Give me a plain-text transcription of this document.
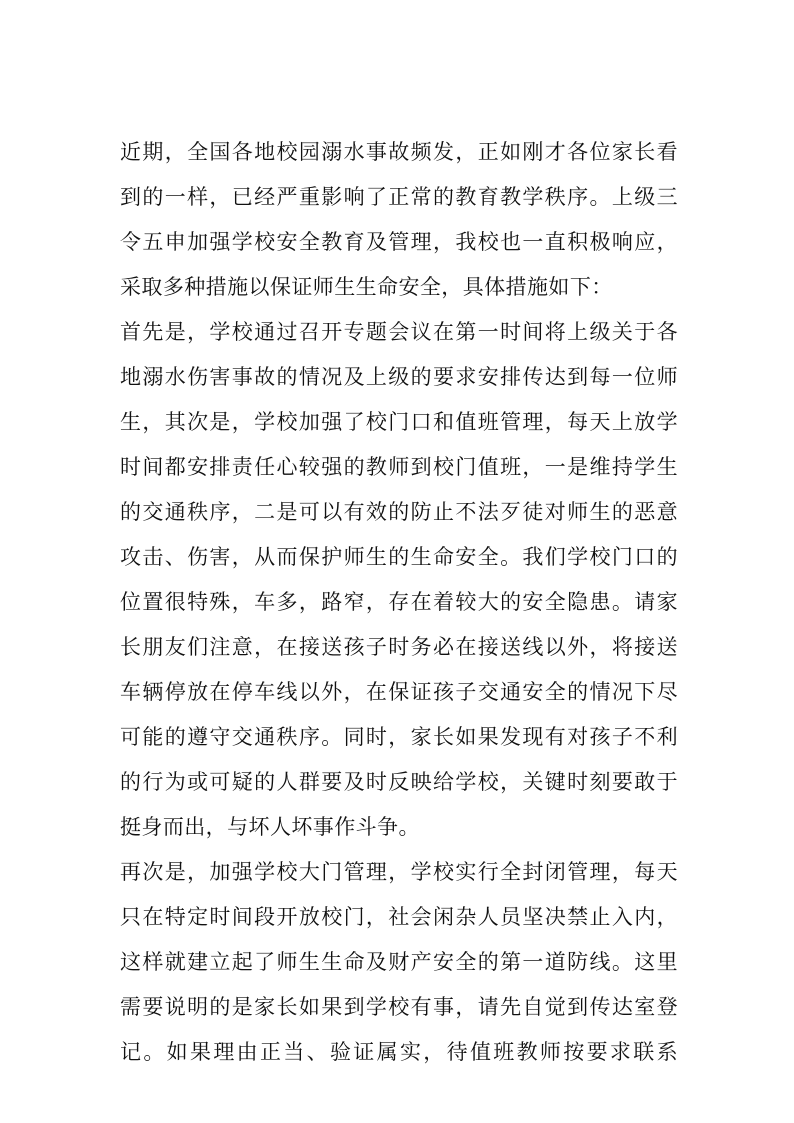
近期，全国各地校园溺水事故频发，正如刚才各位家长看
到的一样，已经严重影响了正常的教育教学秩序。上级三
令五申加强学校安全教育及管理，我校也一直积极响应，
采取多种措施以保证师生生命安全，具体措施如下：
首先是，学校通过召开专题会议在第一时间将上级关于各
地溺水伤害事故的情况及上级的要求安排传达到每一位师
生，其次是，学校加强了校门口和值班管理，每天上放学
时间都安排责任心较强的教师到校门值班，一是维持学生
的交通秩序，二是可以有效的防止不法歹徒对师生的恶意
攻击、伤害，从而保护师生的生命安全。我们学校门口的
位置很特殊，车多，路窄，存在着较大的安全隐患。请家
长朋友们注意，在接送孩子时务必在接送线以外，将接送
车辆停放在停车线以外，在保证孩子交通安全的情况下尽
可能的遵守交通秩序。同时，家长如果发现有对孩子不利
的行为或可疑的人群要及时反映给学校，关键时刻要敢于
挺身而出，与坏人坏事作斗争。
再次是，加强学校大门管理，学校实行全封闭管理，每天
只在特定时间段开放校门，社会闲杂人员坚决禁止入内，
这样就建立起了师生生命及财产安全的第一道防线。这里
需要说明的是家长如果到学校有事，请先自觉到传达室登
记。如果理由正当、验证属实，待值班教师按要求联系
